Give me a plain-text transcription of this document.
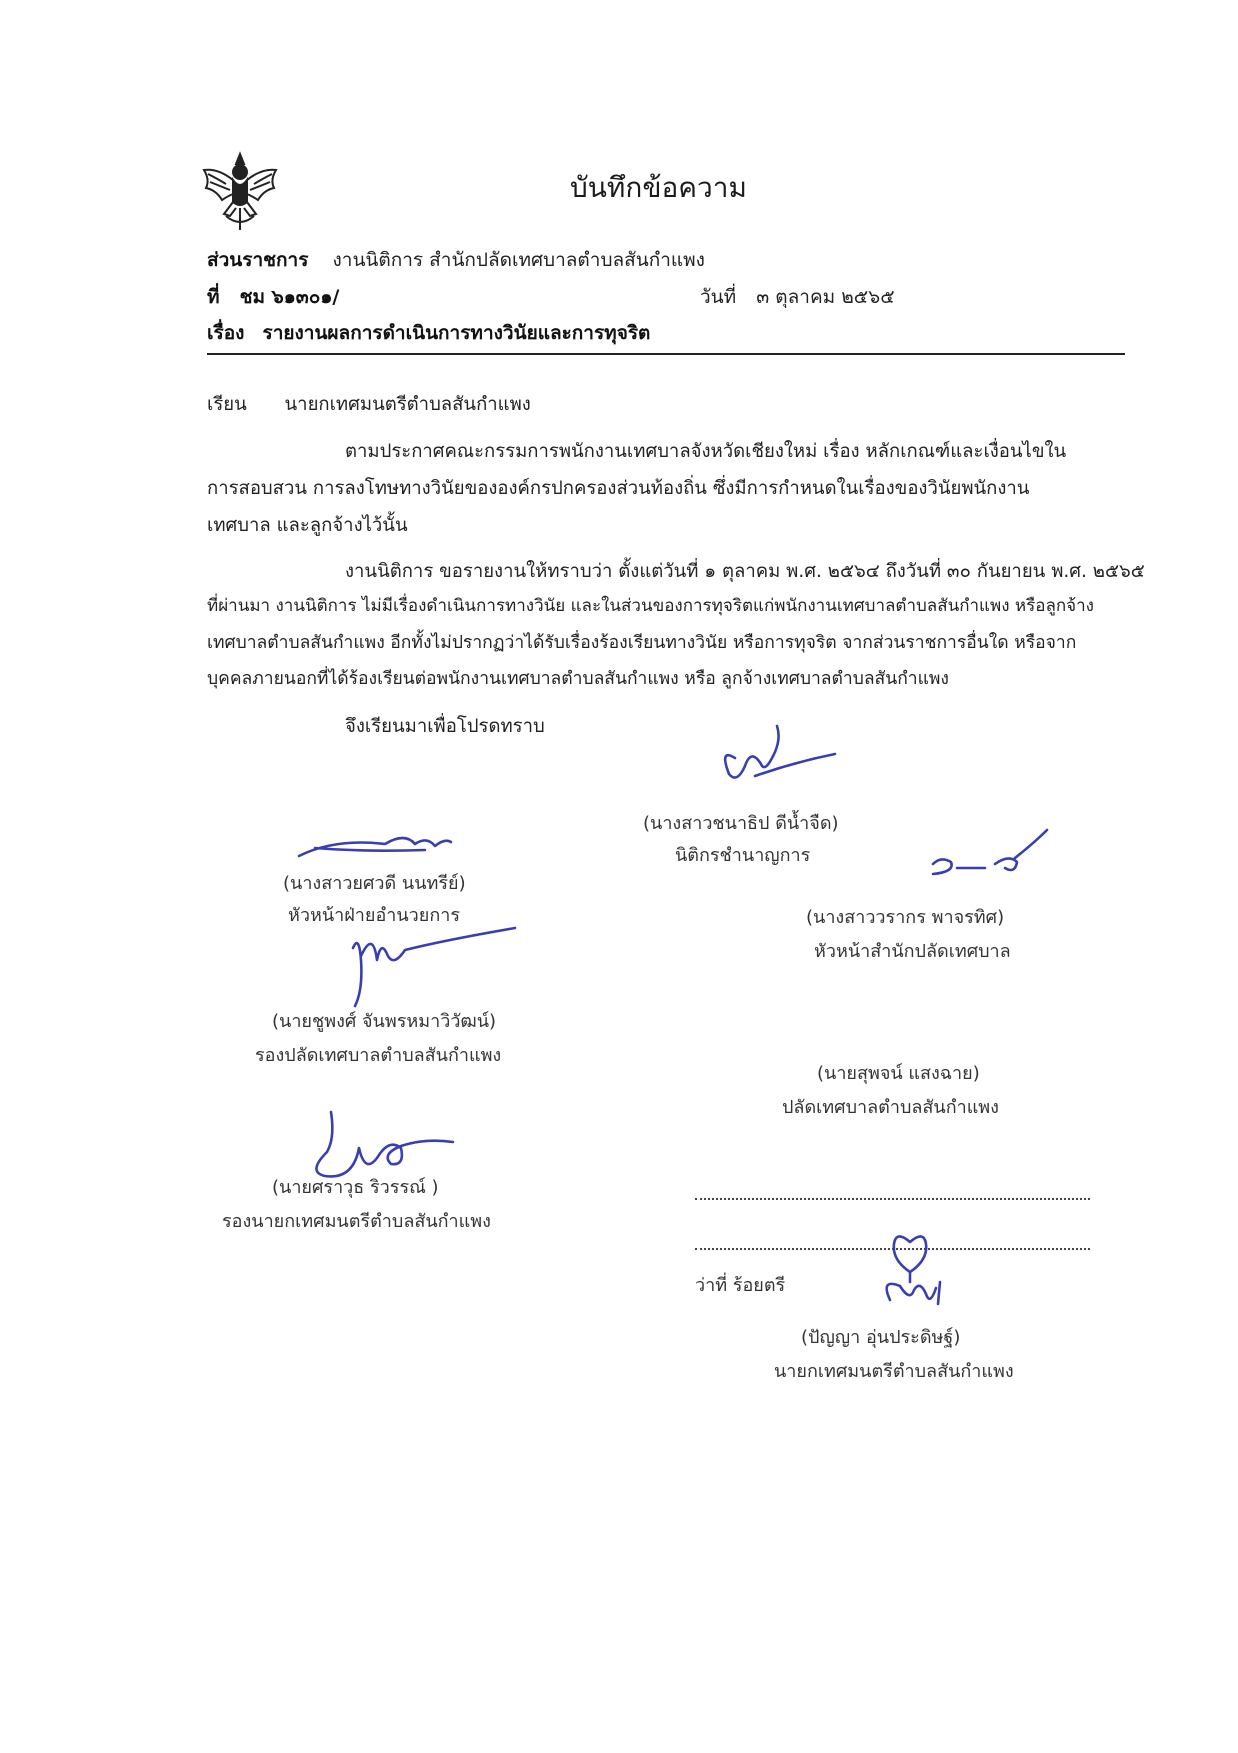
บันทึกข้อความ
ส่วนราชการ งานนิติการ สำนักปลัดเทศบาลตำบลสันกำแพง
ที่ ชม ๖๑๓๐๑/	วันที่ ๓ ตุลาคม ๒๕๖๕
เรื่อง รายงานผลการดำเนินการทางวินัยและการทุจริต
เรียน นายกเทศมนตรีตำบลสันกำแพง
ตามประกาศคณะกรรมการพนักงานเทศบาลจังหวัดเชียงใหม่ เรื่อง หลักเกณฑ์และเงื่อนไขใน
การสอบสวน การลงโทษทางวินัยขององค์กรปกครองส่วนท้องถิ่น ซึ่งมีการกำหนดในเรื่องของวินัยพนักงาน
เทศบาล และลูกจ้างไว้นั้น
งานนิติการ ขอรายงานให้ทราบว่า ตั้งแต่วันที่ ๑ ตุลาคม พ.ศ. ๒๕๖๔ ถึงวันที่ ๓๐ กันยายน พ.ศ. ๒๕๖๕
ที่ผ่านมา งานนิติการ ไม่มีเรื่องดำเนินการทางวินัย และในส่วนของการทุจริตแก่พนักงานเทศบาลตำบลสันกำแพง หรือลูกจ้าง
เทศบาลตำบลสันกำแพง อีกทั้งไม่ปรากฏว่าได้รับเรื่องร้องเรียนทางวินัย หรือการทุจริต จากส่วนราชการอื่นใด หรือจาก
บุคคลภายนอกที่ได้ร้องเรียนต่อพนักงานเทศบาลตำบลสันกำแพง หรือ ลูกจ้างเทศบาลตำบลสันกำแพง
จึงเรียนมาเพื่อโปรดทราบ
(นางสาวชนาธิป ดีน้ำจืด)
นิติกรชำนาญการ
(นางสาวยศวดี นนทรีย์)
หัวหน้าฝ่ายอำนวยการ	(นางสาววรากร พาจรทิศ)
หัวหน้าสำนักปลัดเทศบาล
(นายชูพงศ์ จันพรหมาวิวัฒน์)
รองปลัดเทศบาลตำบลสันกำแพง
(นายสุพจน์ แสงฉาย)
ปลัดเทศบาลตำบลสันกำแพง
(นายศราวุธ ริวรรณ์ )
รองนายกเทศมนตรีตำบลสันกำแพง
ว่าที่ ร้อยตรี
(ปัญญา อุ่นประดิษฐ์)
นายกเทศมนตรีตำบลสันกำแพง
